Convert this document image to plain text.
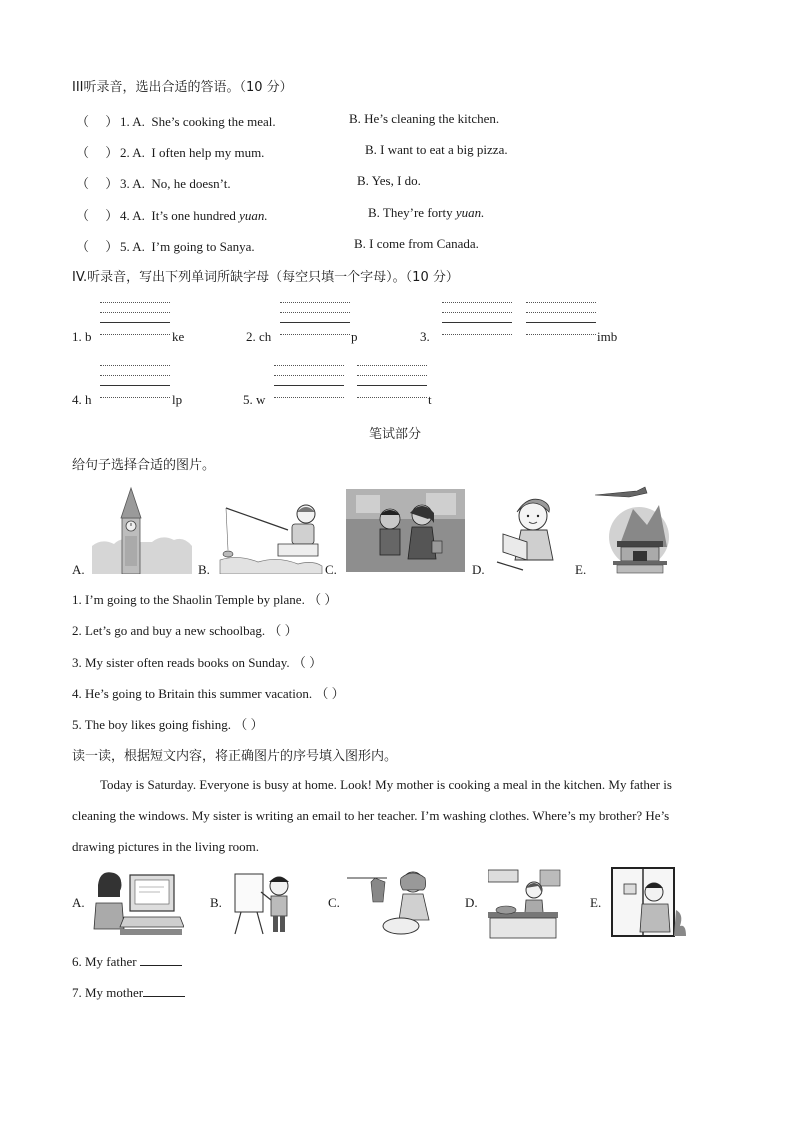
III听录音，选出合适的答语。（10 分）
（     ） 1. A. She’s cooking the meal.	B. He’s cleaning the kitchen.
（     ） 2. A. I often help my mum.	B. I want to eat a big pizza.
（     ） 3. A. No, he doesn’t.	B. Yes, I do.
（     ） 4. A. It’s one hundred yuan.	B. They’re forty yuan.
（     ） 5. A. I’m going to Sanya.	B. I come from Canada.
IV.听录音，写出下列单词所缺字母（每空只填一个字母）。（10 分）
1. b	ke	2. ch	p	3.	imb
4. h	lp	5. w	t
笔试部分
给句子选择合适的图片。
A.	B.	C.	D.	E.
1. I’m going to the Shaolin Temple by plane. （ ）
2. Let’s go and buy a new schoolbag. （ ）
3. My sister often reads books on Sunday. （ ）
4. He’s going to Britain this summer vacation. （ ）
5. The boy likes going fishing. （ ）
读一读，根据短文内容，将正确图片的序号填入图形内。
Today is Saturday. Everyone is busy at home. Look! My mother is cooking a meal in the kitchen. My father is
cleaning the windows. My sister is writing an email to her teacher. I’m washing clothes. Where’s my brother? He’s
drawing pictures in the living room.
A.	B.	C.	D.	E.
6. My father
7. My mother
